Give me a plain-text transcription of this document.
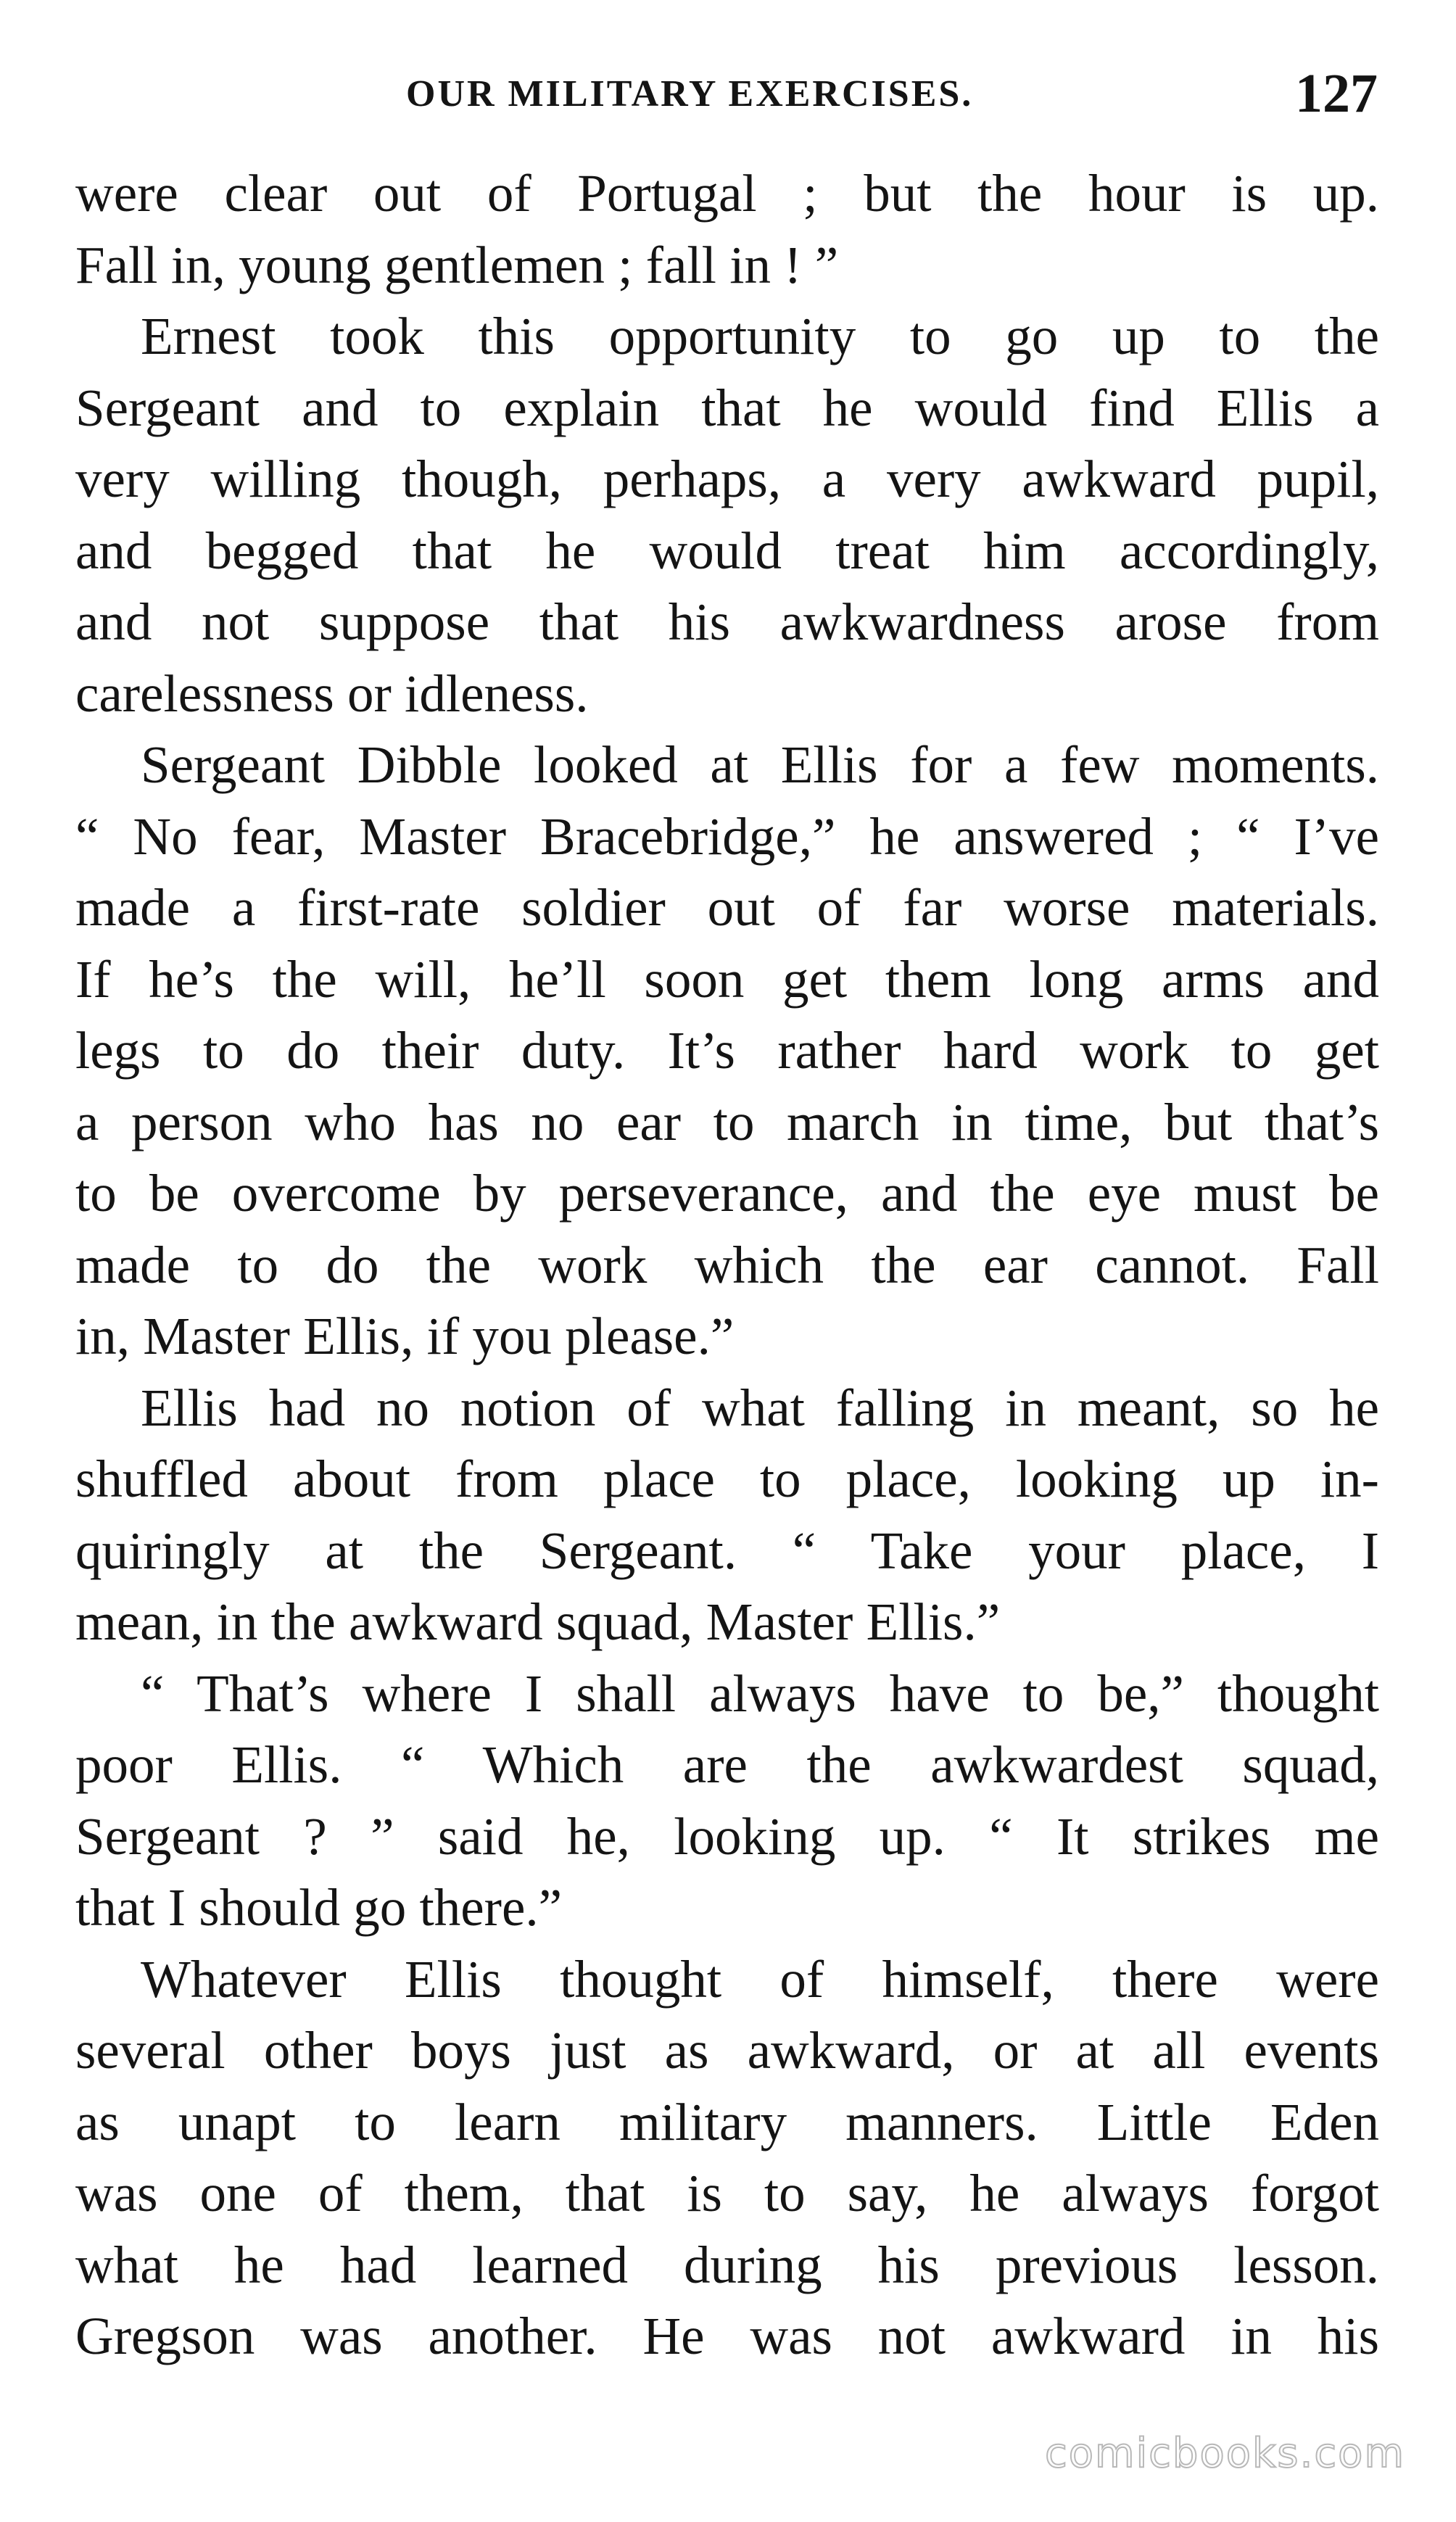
OUR MILITARY EXERCISES.	127
were clear out of Portugal ; but the hour is up.
Fall in, young gentlemen ; fall in ! ”
Ernest took this opportunity to go up to the
Sergeant and to explain that he would find Ellis a
very willing though, perhaps, a very awkward pupil,
and begged that he would treat him accordingly,
and not suppose that his awkwardness arose from
carelessness or idleness.
Sergeant Dibble looked at Ellis for a few moments.
“ No fear, Master Bracebridge,” he answered ; “ I’ve
made a first-rate soldier out of far worse materials.
If he’s the will, he’ll soon get them long arms and
legs to do their duty. It’s rather hard work to get
a person who has no ear to march in time, but that’s
to be overcome by perseverance, and the eye must be
made to do the work which the ear cannot. Fall
in, Master Ellis, if you please.”
Ellis had no notion of what falling in meant, so he
shuffled about from place to place, looking up in-
quiringly at the Sergeant. “ Take your place, I
mean, in the awkward squad, Master Ellis.”
“ That’s where I shall always have to be,” thought
poor Ellis. “ Which are the awkwardest squad,
Sergeant ? ” said he, looking up. “ It strikes me
that I should go there.”
Whatever Ellis thought of himself, there were
several other boys just as awkward, or at all events
as unapt to learn military manners. Little Eden
was one of them, that is to say, he always forgot
what he had learned during his previous lesson.
Gregson was another. He was not awkward in his
comicbooks.com
